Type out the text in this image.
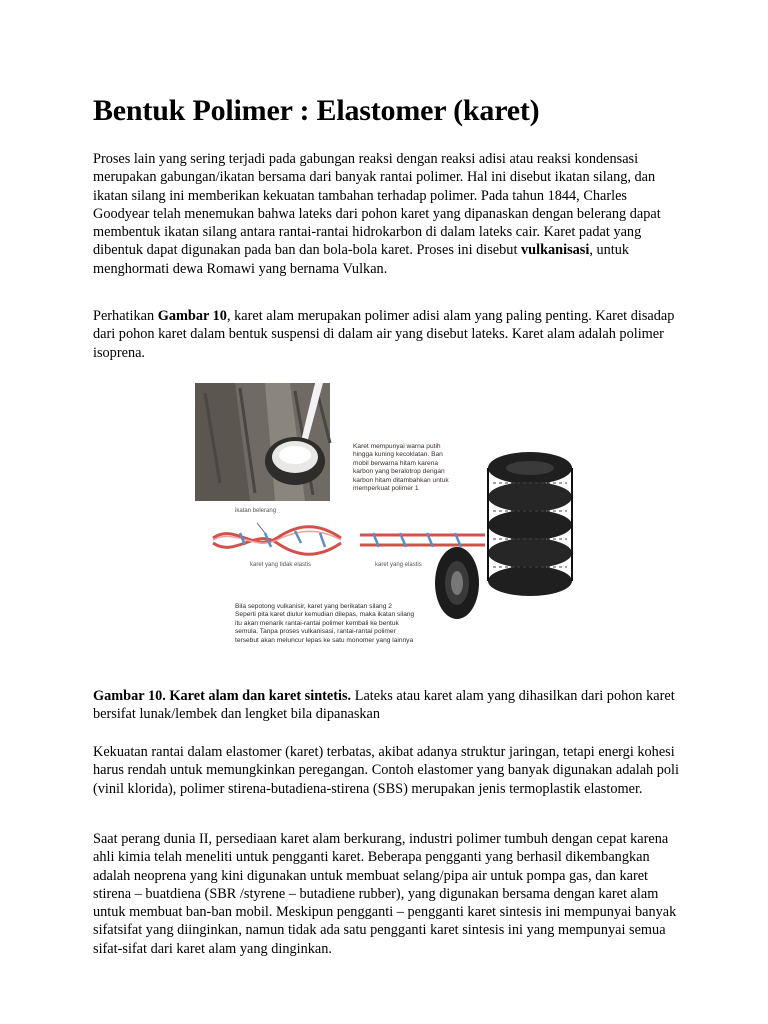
Bentuk Polimer : Elastomer (karet)

Proses lain yang sering terjadi pada gabungan reaksi dengan reaksi adisi atau reaksi kondensasi merupakan gabungan/ikatan bersama dari banyak rantai polimer. Hal ini disebut ikatan silang, dan ikatan silang ini memberikan kekuatan tambahan terhadap polimer. Pada tahun 1844, Charles Goodyear telah menemukan bahwa lateks dari pohon karet yang dipanaskan dengan belerang dapat membentuk ikatan silang antara rantai-rantai hidrokarbon di dalam lateks cair. Karet padat yang dibentuk dapat digunakan pada ban dan bola-bola karet. Proses ini disebut vulkanisasi, untuk menghormati dewa Romawi yang bernama Vulkan.

Perhatikan Gambar 10, karet alam merupakan polimer adisi alam yang paling penting. Karet disadap dari pohon karet dalam bentuk suspensi di dalam air yang disebut lateks. Karet alam adalah polimer isoprena.

Karet mempunyai warna putih
hingga kuning kecoklatan. Ban
mobil berwarna hitam karena
karbon yang beralotrop dengan
karbon hitam ditambahkan untuk
memperkuat polimer 1
ikatan belerang
karet yang tidak elastis	karet yang elastis
Bila sepotong vulkanisir, karet yang berikatan silang 2
Seperti pita karet diulur kemudian dilepas, maka ikatan silang
itu akan menarik rantai-rantai polimer kembali ke bentuk
semula. Tanpa proses vulkanisasi, rantai-rantai polimer
tersebut akan meluncur lepas ke satu monomer yang lainnya

Gambar 10. Karet alam dan karet sintetis. Lateks atau karet alam yang dihasilkan dari pohon karet bersifat lunak/lembek dan lengket bila dipanaskan

Kekuatan rantai dalam elastomer (karet) terbatas, akibat adanya struktur jaringan, tetapi energi kohesi harus rendah untuk memungkinkan peregangan. Contoh elastomer yang banyak digunakan adalah poli (vinil klorida), polimer stirena-butadiena-stirena (SBS) merupakan jenis termoplastik elastomer.

Saat perang dunia II, persediaan karet alam berkurang, industri polimer tumbuh dengan cepat karena ahli kimia telah meneliti untuk pengganti karet. Beberapa pengganti yang berhasil dikembangkan adalah neoprena yang kini digunakan untuk membuat selang/pipa air untuk pompa gas, dan karet stirena – buatdiena (SBR /styrene – butadiene rubber), yang digunakan bersama dengan karet alam untuk membuat ban-ban mobil. Meskipun pengganti – pengganti karet sintesis ini mempunyai banyak sifatsifat yang diinginkan, namun tidak ada satu pengganti karet sintesis ini yang mempunyai semua sifat-sifat dari karet alam yang dinginkan.
